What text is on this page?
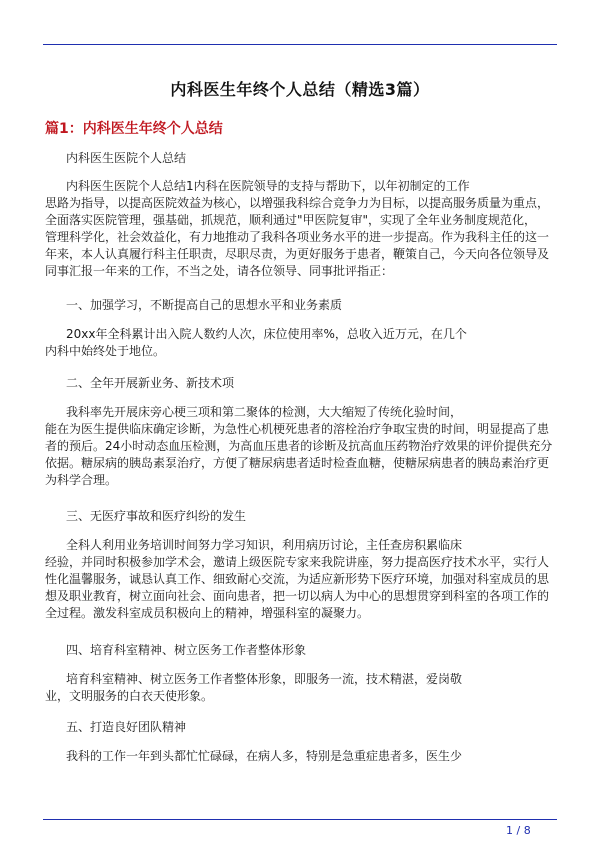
内科医生年终个人总结（精选3篇）
篇1：内科医生年终个人总结
内科医生医院个人总结
内科医生医院个人总结1内科在医院领导的支持与帮助下，以年初制定的工作
思路为指导，以提高医院效益为核心，以增强我科综合竞争力为目标，以提高服务质量为重点，
全面落实医院管理，强基础，抓规范，顺利通过"甲医院复审"，实现了全年业务制度规范化，
管理科学化，社会效益化，有力地推动了我科各项业务水平的进一步提高。作为我科主任的这一
年来，本人认真履行科主任职责，尽职尽责，为更好服务于患者，鞭策自己，今天向各位领导及
同事汇报一年来的工作，不当之处，请各位领导、同事批评指正：
一、加强学习，不断提高自己的思想水平和业务素质
20xx年全科累计出入院人数约人次，床位使用率%，总收入近万元，在几个
内科中始终处于地位。
二、全年开展新业务、新技术项
我科率先开展床旁心梗三项和第二聚体的检测，大大缩短了传统化验时间，
能在为医生提供临床确定诊断，为急性心机梗死患者的溶栓治疗争取宝贵的时间，明显提高了患
者的预后。24小时动态血压检测，为高血压患者的诊断及抗高血压药物治疗效果的评价提供充分
依据。糖尿病的胰岛素泵治疗，方便了糖尿病患者适时检查血糖，使糖尿病患者的胰岛素治疗更
为科学合理。
三、无医疗事故和医疗纠纷的发生
全科人利用业务培训时间努力学习知识，利用病历讨论，主任查房积累临床
经验，并同时积极参加学术会，邀请上级医院专家来我院讲座，努力提高医疗技术水平，实行人
性化温馨服务，诚恳认真工作、细致耐心交流，为适应新形势下医疗环境，加强对科室成员的思
想及职业教育，树立面向社会、面向患者，把一切以病人为中心的思想贯穿到科室的各项工作的
全过程。激发科室成员积极向上的精神，增强科室的凝聚力。
四、培育科室精神、树立医务工作者整体形象
培育科室精神、树立医务工作者整体形象，即服务一流，技术精湛，爱岗敬
业，文明服务的白衣天使形象。
五、打造良好团队精神
我科的工作一年到头都忙忙碌碌，在病人多，特别是急重症患者多，医生少
1 / 8
